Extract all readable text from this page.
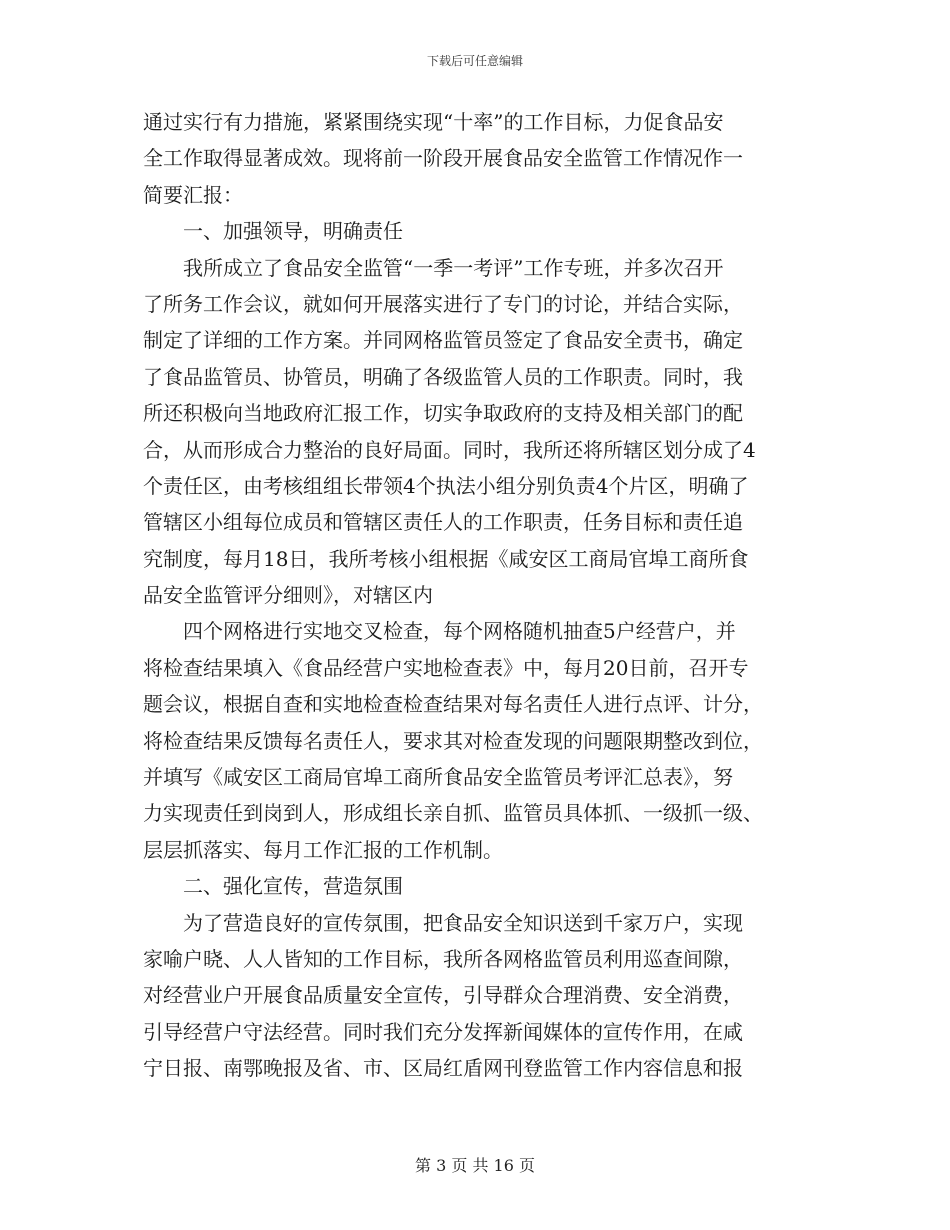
下载后可任意编辑
通过实行有力措施，紧紧围绕实现“十率”的工作目标，力促食品安
全工作取得显著成效。现将前一阶段开展食品安全监管工作情况作一
简要汇报：
一、加强领导，明确责任
我所成立了食品安全监管“一季一考评”工作专班，并多次召开
了所务工作会议，就如何开展落实进行了专门的讨论，并结合实际，
制定了详细的工作方案。并同网格监管员签定了食品安全责书，确定
了食品监管员、协管员，明确了各级监管人员的工作职责。同时，我
所还积极向当地政府汇报工作，切实争取政府的支持及相关部门的配
合，从而形成合力整治的良好局面。同时，我所还将所辖区划分成了4
个责任区，由考核组组长带领4个执法小组分别负责4个片区，明确了
管辖区小组每位成员和管辖区责任人的工作职责，任务目标和责任追
究制度，每月18日，我所考核小组根据《咸安区工商局官埠工商所食
品安全监管评分细则》，对辖区内
四个网格进行实地交叉检查，每个网格随机抽查5户经营户，并
将检查结果填入《食品经营户实地检查表》中，每月20日前，召开专
题会议，根据自查和实地检查检查结果对每名责任人进行点评、计分，
将检查结果反馈每名责任人，要求其对检查发现的问题限期整改到位，
并填写《咸安区工商局官埠工商所食品安全监管员考评汇总表》，努
力实现责任到岗到人，形成组长亲自抓、监管员具体抓、一级抓一级、
层层抓落实、每月工作汇报的工作机制。
二、强化宣传，营造氛围
为了营造良好的宣传氛围，把食品安全知识送到千家万户，实现
家喻户晓、人人皆知的工作目标，我所各网格监管员利用巡查间隙，
对经营业户开展食品质量安全宣传，引导群众合理消费、安全消费，
引导经营户守法经营。同时我们充分发挥新闻媒体的宣传作用，在咸
宁日报、南鄂晚报及省、市、区局红盾网刊登监管工作内容信息和报
第 3 页 共 16 页
